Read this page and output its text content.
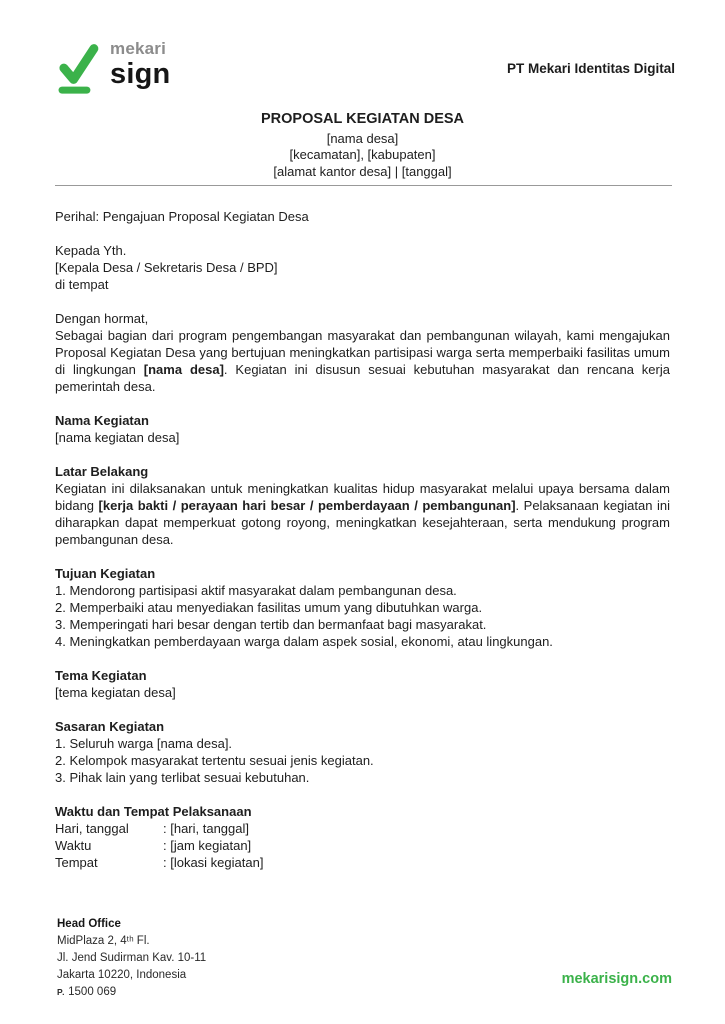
mekari
sign	PT Mekari Identitas Digital
PROPOSAL KEGIATAN DESA
[nama desa]
[kecamatan], [kabupaten]
[alamat kantor desa] | [tanggal]
Perihal: Pengajuan Proposal Kegiatan Desa
Kepada Yth.
[Kepala Desa / Sekretaris Desa / BPD]
di tempat
Dengan hormat,
Sebagai bagian dari program pengembangan masyarakat dan pembangunan wilayah, kami mengajukan Proposal Kegiatan Desa yang bertujuan meningkatkan partisipasi warga serta memperbaiki fasilitas umum di lingkungan [nama desa]. Kegiatan ini disusun sesuai kebutuhan masyarakat dan rencana kerja pemerintah desa.
Nama Kegiatan
[nama kegiatan desa]
Latar Belakang
Kegiatan ini dilaksanakan untuk meningkatkan kualitas hidup masyarakat melalui upaya bersama dalam bidang [kerja bakti / perayaan hari besar / pemberdayaan / pembangunan]. Pelaksanaan kegiatan ini diharapkan dapat memperkuat gotong royong, meningkatkan kesejahteraan, serta mendukung program pembangunan desa.
Tujuan Kegiatan
1. Mendorong partisipasi aktif masyarakat dalam pembangunan desa.
2. Memperbaiki atau menyediakan fasilitas umum yang dibutuhkan warga.
3. Memperingati hari besar dengan tertib dan bermanfaat bagi masyarakat.
4. Meningkatkan pemberdayaan warga dalam aspek sosial, ekonomi, atau lingkungan.
Tema Kegiatan
[tema kegiatan desa]
Sasaran Kegiatan
1. Seluruh warga [nama desa].
2. Kelompok masyarakat tertentu sesuai jenis kegiatan.
3. Pihak lain yang terlibat sesuai kebutuhan.
Waktu dan Tempat Pelaksanaan
Hari, tanggal	: [hari, tanggal]
Waktu	: [jam kegiatan]
Tempat	: [lokasi kegiatan]
Head Office
MidPlaza 2, 4ᵗʰ Fl.
Jl. Jend Sudirman Kav. 10-11
Jakarta 10220, Indonesia
P. 1500 069
mekarisign.com
